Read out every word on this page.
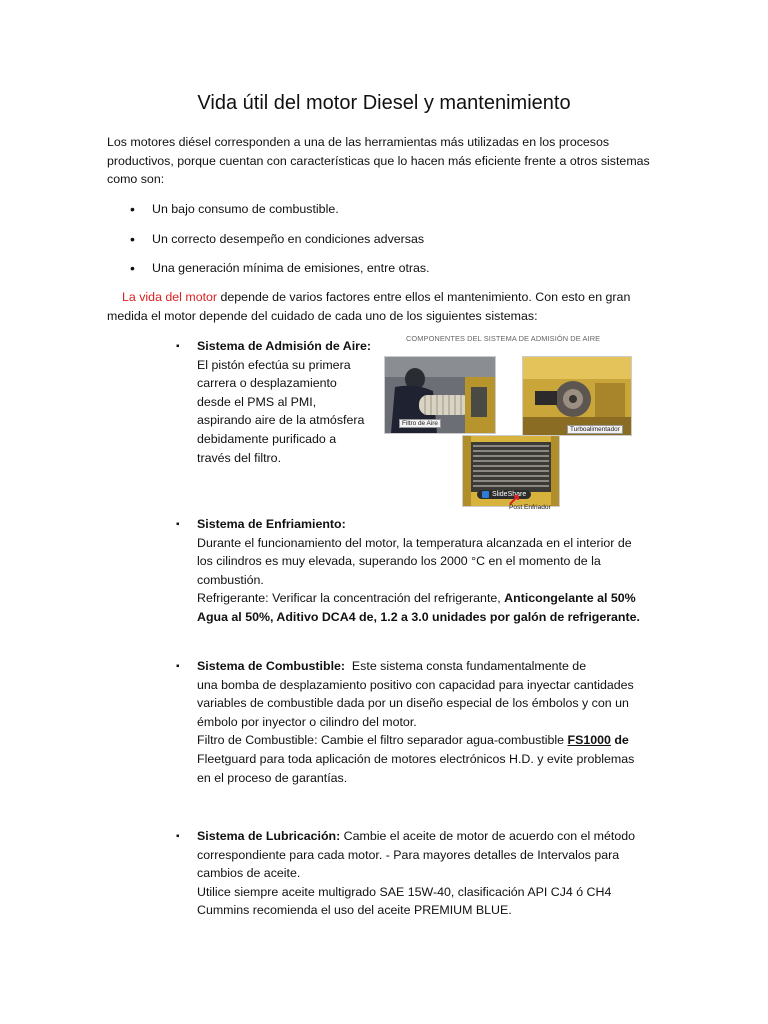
Vida útil del motor Diesel y mantenimiento
Los motores diésel corresponden a una de las herramientas más utilizadas en los procesos
productivos, porque cuentan con características que lo hacen más eficiente frente a otros sistemas
como son:
• Un bajo consumo de combustible.
• Un correcto desempeño en condiciones adversas
• Una generación mínima de emisiones, entre otras.
La vida del motor depende de varios factores entre ellos el mantenimiento. Con esto en gran
medida el motor depende del cuidado de cada uno de los siguientes sistemas:
▪ Sistema de Admisión de Aire:
El pistón efectúa su primera
carrera o desplazamiento
desde el PMS al PMI,
aspirando aire de la atmósfera
debidamente purificado a
través del filtro.
COMPONENTES DEL SISTEMA DE ADMISIÓN DE AIRE
Filtro de Aire
Turboalimentador
SlideShare
Post Enfriador
▪ Sistema de Enfriamiento:
Durante el funcionamiento del motor, la temperatura alcanzada en el interior de
los cilindros es muy elevada, superando los 2000 °C en el momento de la
combustión.
Refrigerante: Verificar la concentración del refrigerante, Anticongelante al 50%
Agua al 50%, Aditivo DCA4 de, 1.2 a 3.0 unidades por galón de refrigerante.
▪ Sistema de Combustible:  Este sistema consta fundamentalmente de
una bomba de desplazamiento positivo con capacidad para inyectar cantidades
variables de combustible dada por un diseño especial de los émbolos y con un
émbolo por inyector o cilindro del motor.
Filtro de Combustible: Cambie el filtro separador agua-combustible FS1000 de
Fleetguard para toda aplicación de motores electrónicos H.D. y evite problemas
en el proceso de garantías.
▪ Sistema de Lubricación: Cambie el aceite de motor de acuerdo con el método
correspondiente para cada motor. - Para mayores detalles de Intervalos para
cambios de aceite.
Utilice siempre aceite multigrado SAE 15W-40, clasificación API CJ4 ó CH4
Cummins recomienda el uso del aceite PREMIUM BLUE.
